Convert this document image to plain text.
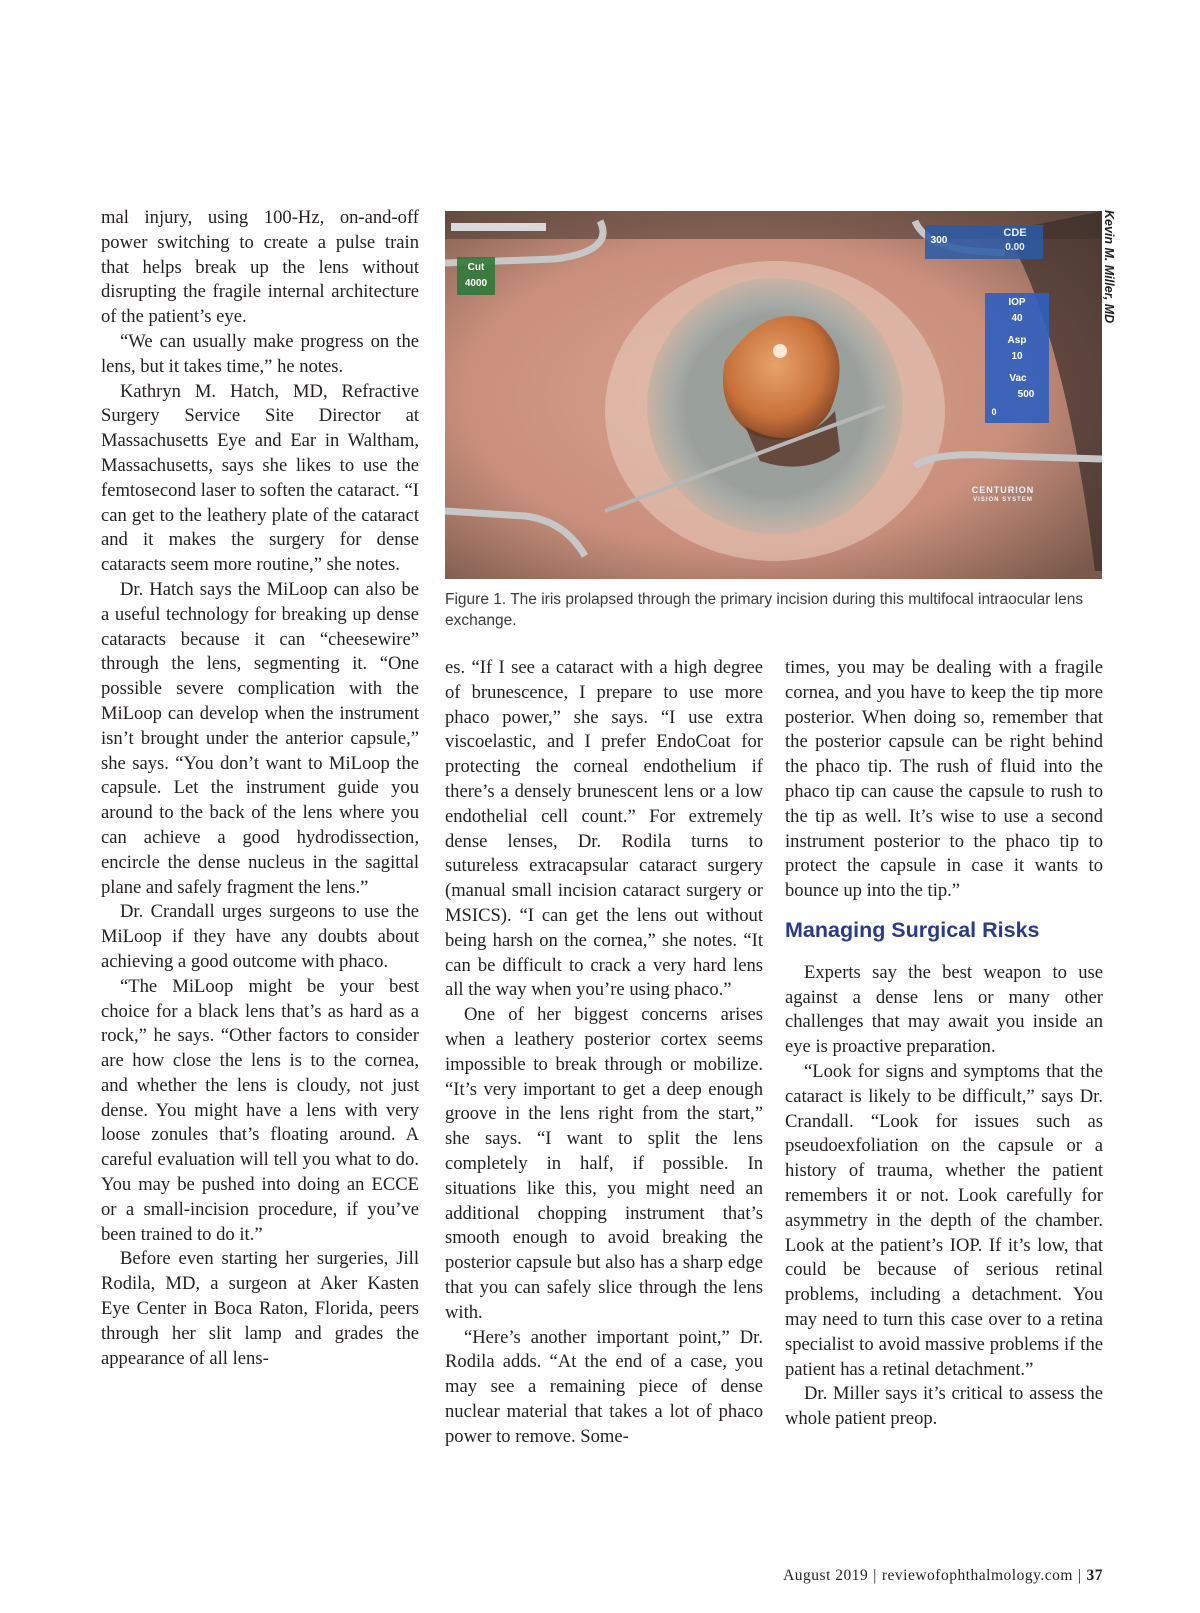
mal injury, using 100-Hz, on-and-off power switching to create a pulse train that helps break up the lens without disrupting the fragile internal architecture of the patient’s eye.

“We can usually make progress on the lens, but it takes time,” he notes.

Kathryn M. Hatch, MD, Refractive Surgery Service Site Director at Massachusetts Eye and Ear in Waltham, Massachusetts, says she likes to use the femtosecond laser to soften the cataract. “I can get to the leathery plate of the cataract and it makes the surgery for dense cataracts seem more routine,” she notes.

Dr. Hatch says the MiLoop can also be a useful technology for breaking up dense cataracts because it can “cheesewire” through the lens, segmenting it. “One possible severe complication with the MiLoop can develop when the instrument isn’t brought under the anterior capsule,” she says. “You don’t want to MiLoop the capsule. Let the instrument guide you around to the back of the lens where you can achieve a good hydrodissection, encircle the dense nucleus in the sagittal plane and safely fragment the lens.”

Dr. Crandall urges surgeons to use the MiLoop if they have any doubts about achieving a good outcome with phaco.

“The MiLoop might be your best choice for a black lens that’s as hard as a rock,” he says. “Other factors to consider are how close the lens is to the cornea, and whether the lens is cloudy, not just dense. You might have a lens with very loose zonules that’s floating around. A careful evaluation will tell you what to do. You may be pushed into doing an ECCE or a small-incision procedure, if you’ve been trained to do it.”

Before even starting her surgeries, Jill Rodila, MD, a surgeon at Aker Kasten Eye Center in Boca Raton, Florida, peers through her slit lamp and grades the appearance of all lens-

Cut
4000
300
CDE
0.00
IOP
40
Asp
10
Vac
500
0
CENTURION
VISION SYSTEM
Kevin M. Miller, MD
Figure 1. The iris prolapsed through the primary incision during this multifocal intraocular lens exchange.

es. “If I see a cataract with a high degree of brunescence, I prepare to use more phaco power,” she says. “I use extra viscoelastic, and I prefer EndoCoat for protecting the corneal endothelium if there’s a densely brunescent lens or a low endothelial cell count.” For extremely dense lenses, Dr. Rodila turns to sutureless extracapsular cataract surgery (manual small incision cataract surgery or MSICS). “I can get the lens out without being harsh on the cornea,” she notes. “It can be difficult to crack a very hard lens all the way when you’re using phaco.”

One of her biggest concerns arises when a leathery posterior cortex seems impossible to break through or mobilize. “It’s very important to get a deep enough groove in the lens right from the start,” she says. “I want to split the lens completely in half, if possible. In situations like this, you might need an additional chopping instrument that’s smooth enough to avoid breaking the posterior capsule but also has a sharp edge that you can safely slice through the lens with.

“Here’s another important point,” Dr. Rodila adds. “At the end of a case, you may see a remaining piece of dense nuclear material that takes a lot of phaco power to remove. Some-

times, you may be dealing with a fragile cornea, and you have to keep the tip more posterior. When doing so, remember that the posterior capsule can be right behind the phaco tip. The rush of fluid into the phaco tip can cause the capsule to rush to the tip as well. It’s wise to use a second instrument posterior to the phaco tip to protect the capsule in case it wants to bounce up into the tip.”

Managing Surgical Risks

Experts say the best weapon to use against a dense lens or many other challenges that may await you inside an eye is proactive preparation.

“Look for signs and symptoms that the cataract is likely to be difficult,” says Dr. Crandall. “Look for issues such as pseudoexfoliation on the capsule or a history of trauma, whether the patient remembers it or not. Look carefully for asymmetry in the depth of the chamber. Look at the patient’s IOP. If it’s low, that could be because of serious retinal problems, including a detachment. You may need to turn this case over to a retina specialist to avoid massive problems if the patient has a retinal detachment.”

Dr. Miller says it’s critical to assess the whole patient preop.

August 2019 | reviewofophthalmology.com | 37
